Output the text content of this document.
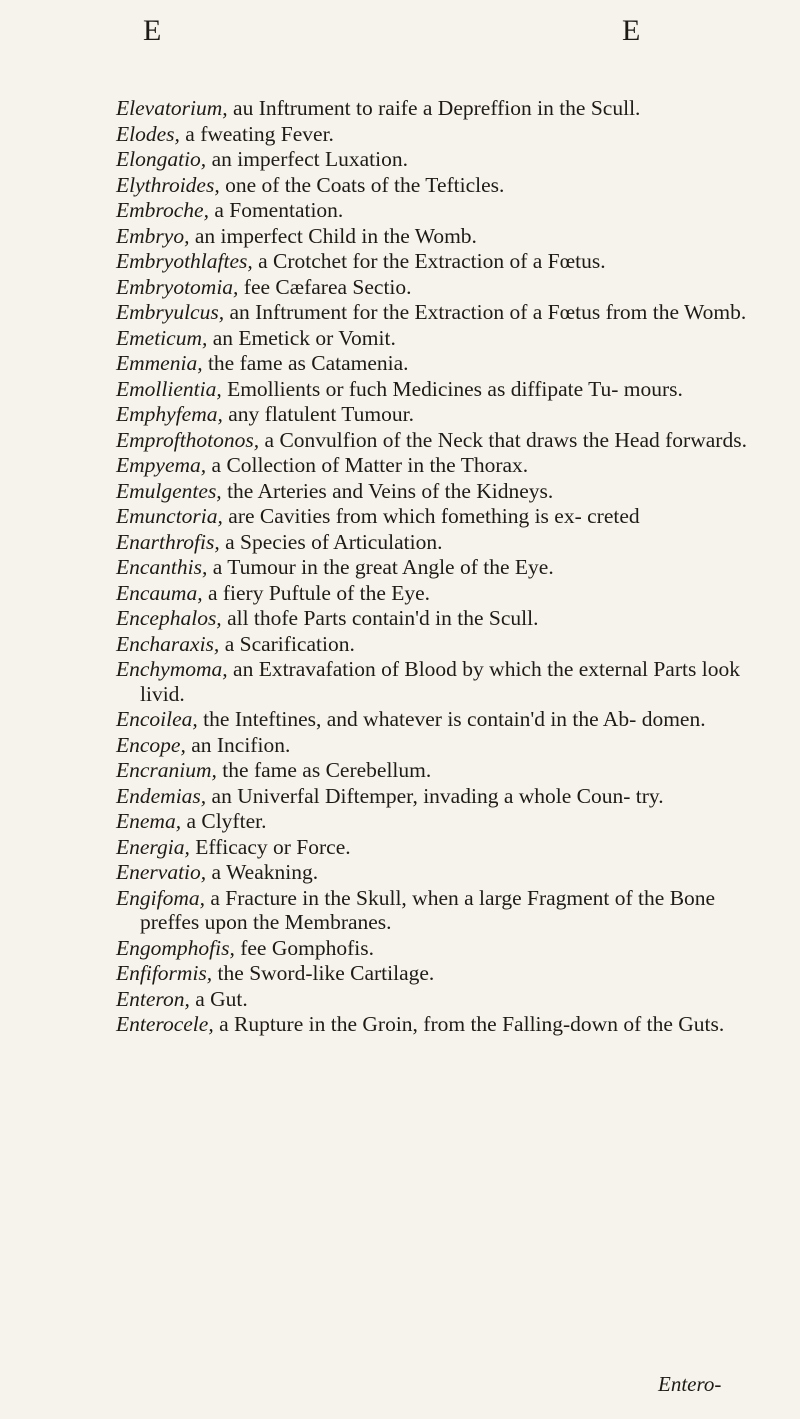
E	E
Elevatorium, au Inftrument to raife a Depreffion in the Scull.
Elodes, a fweating Fever.
Elongatio, an imperfect Luxation.
Elythroides, one of the Coats of the Tefticles.
Embroche, a Fomentation.
Embryo, an imperfect Child in the Womb.
Embryothlaftes, a Crotchet for the Extraction of a Fœtus.
Embryotomia, fee Cæfarea Sectio.
Embryulcus, an Inftrument for the Extraction of a Fœtus from the Womb.
Emeticum, an Emetick or Vomit.
Emmenia, the fame as Catamenia.
Emollientia, Emollients or fuch Medicines as diffipate Tu- mours.
Emphyfema, any flatulent Tumour.
Emprofthotonos, a Convulfion of the Neck that draws the Head forwards.
Empyema, a Collection of Matter in the Thorax.
Emulgentes, the Arteries and Veins of the Kidneys.
Emunctoria, are Cavities from which fomething is ex- creted
Enarthrofis, a Species of Articulation.
Encanthis, a Tumour in the great Angle of the Eye.
Encauma, a fiery Puftule of the Eye.
Encephalos, all thofe Parts contain'd in the Scull.
Encharaxis, a Scarification.
Enchymoma, an Extravafation of Blood by which the external Parts look livid.
Encoilea, the Inteftines, and whatever is contain'd in the Ab- domen.
Encope, an Incifion.
Encranium, the fame as Cerebellum.
Endemias, an Univerfal Diftemper, invading a whole Coun- try.
Enema, a Clyfter.
Energia, Efficacy or Force.
Enervatio, a Weakning.
Engifoma, a Fracture in the Skull, when a large Fragment of the Bone preffes upon the Membranes.
Engomphofis, fee Gomphofis.
Enfiformis, the Sword-like Cartilage.
Enteron, a Gut.
Enterocele, a Rupture in the Groin, from the Falling-down of the Guts.
Entero-
